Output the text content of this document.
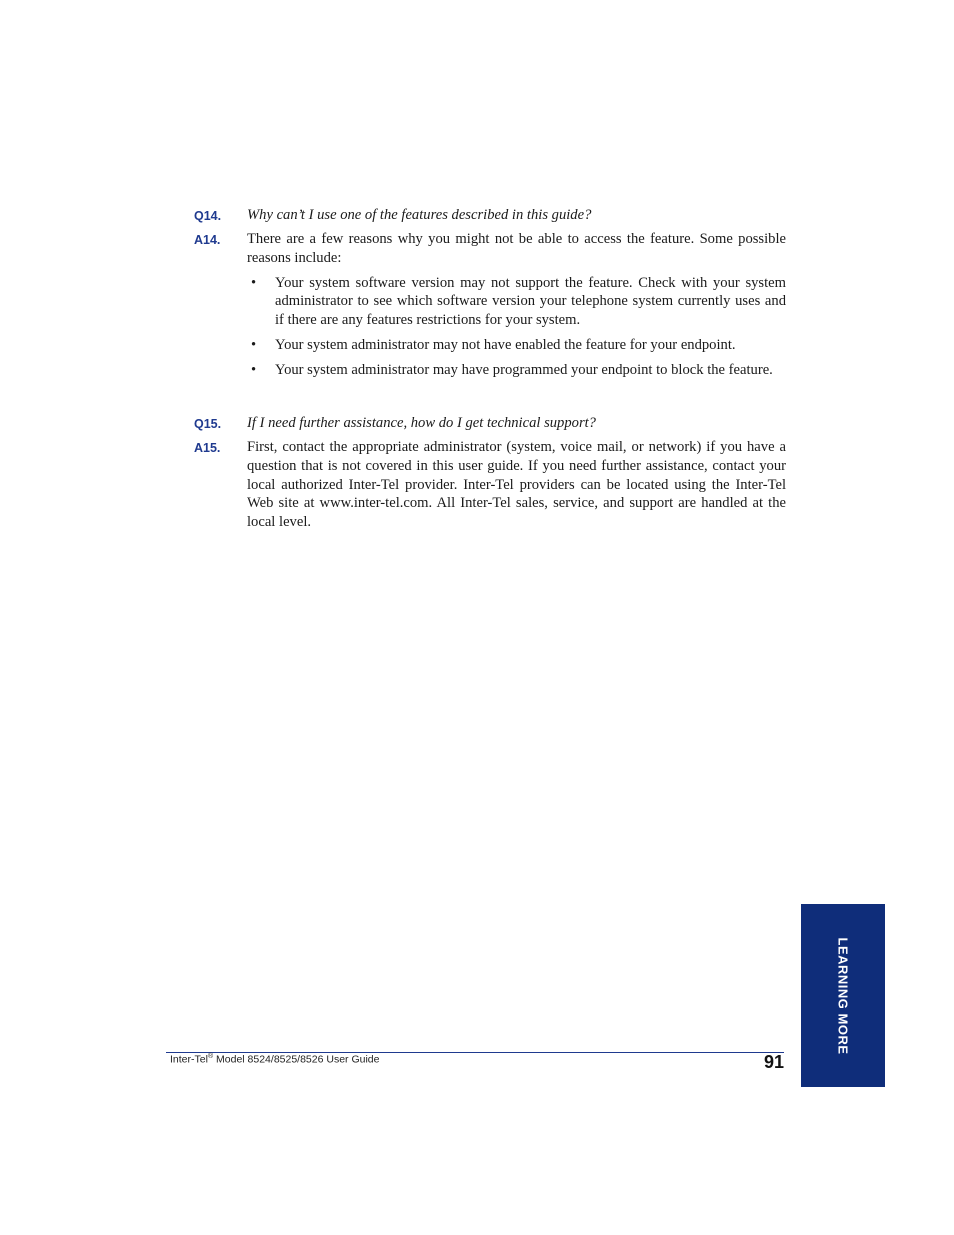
Q14. Why can’t I use one of the features described in this guide?
A14. There are a few reasons why you might not be able to access the feature. Some possible reasons include:
• Your system software version may not support the feature. Check with your system administrator to see which software version your telephone system currently uses and if there are any features restrictions for your system.
• Your system administrator may not have enabled the feature for your endpoint.
• Your system administrator may have programmed your endpoint to block the feature.
Q15. If I need further assistance, how do I get technical support?
A15. First, contact the appropriate administrator (system, voice mail, or network) if you have a question that is not covered in this user guide. If you need further assistance, contact your local authorized Inter-Tel provider. Inter-Tel providers can be located using the Inter-Tel Web site at www.inter-tel.com. All Inter-Tel sales, service, and support are handled at the local level.
Inter-Tel® Model 8524/8525/8526 User Guide	91
LEARNING MORE
